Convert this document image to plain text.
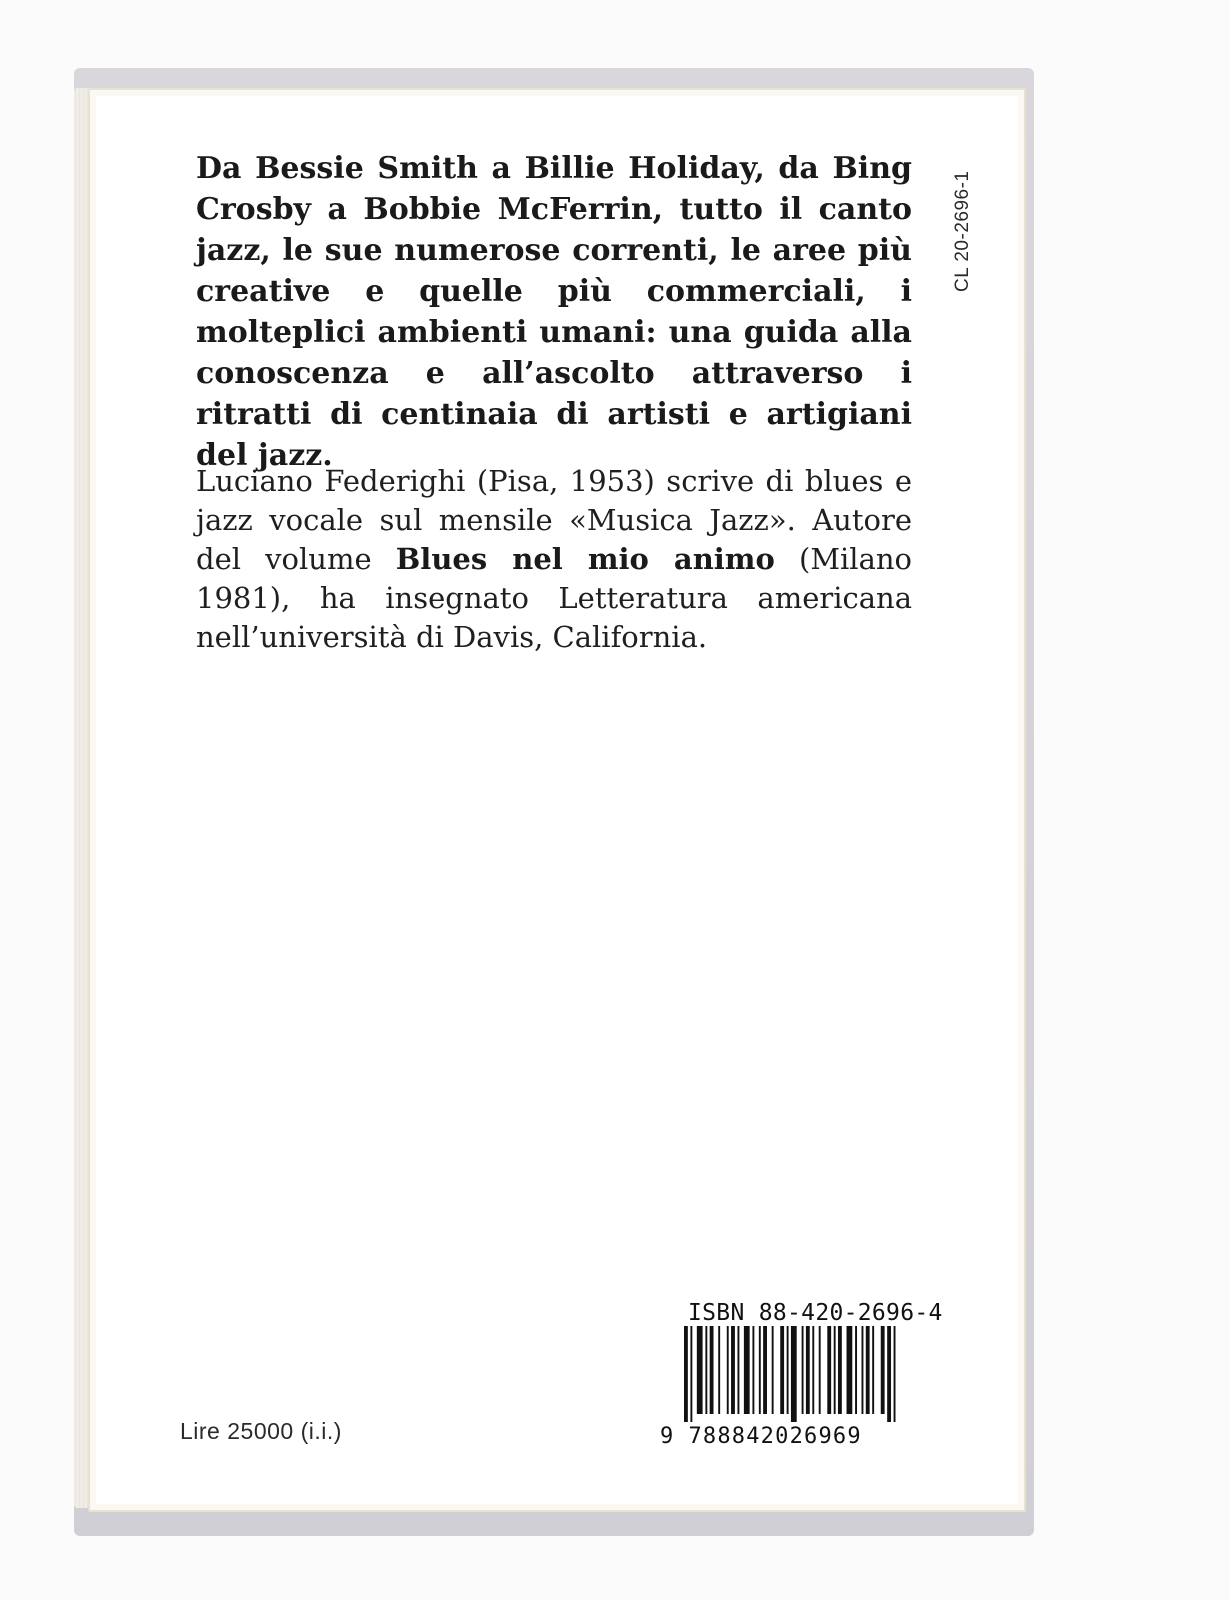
Da Bessie Smith a Billie Holiday, da Bing Crosby a Bobbie McFerrin, tutto il canto jazz, le sue numerose correnti, le aree più creative e quelle più commerciali, i molteplici ambienti umani: una guida alla conoscenza e all’ascolto attraverso i ritratti di centinaia di artisti e artigiani del jazz.

Luciano Federighi (Pisa, 1953) scrive di blues e jazz vocale sul mensile «Musica Jazz». Autore del volume Blues nel mio animo (Milano 1981), ha insegnato Letteratura americana nell’università di Davis, California.

CL 20-2696-1
Lire 25000 (i.i.)
ISBN 88-420-2696-4
9 788842026969
